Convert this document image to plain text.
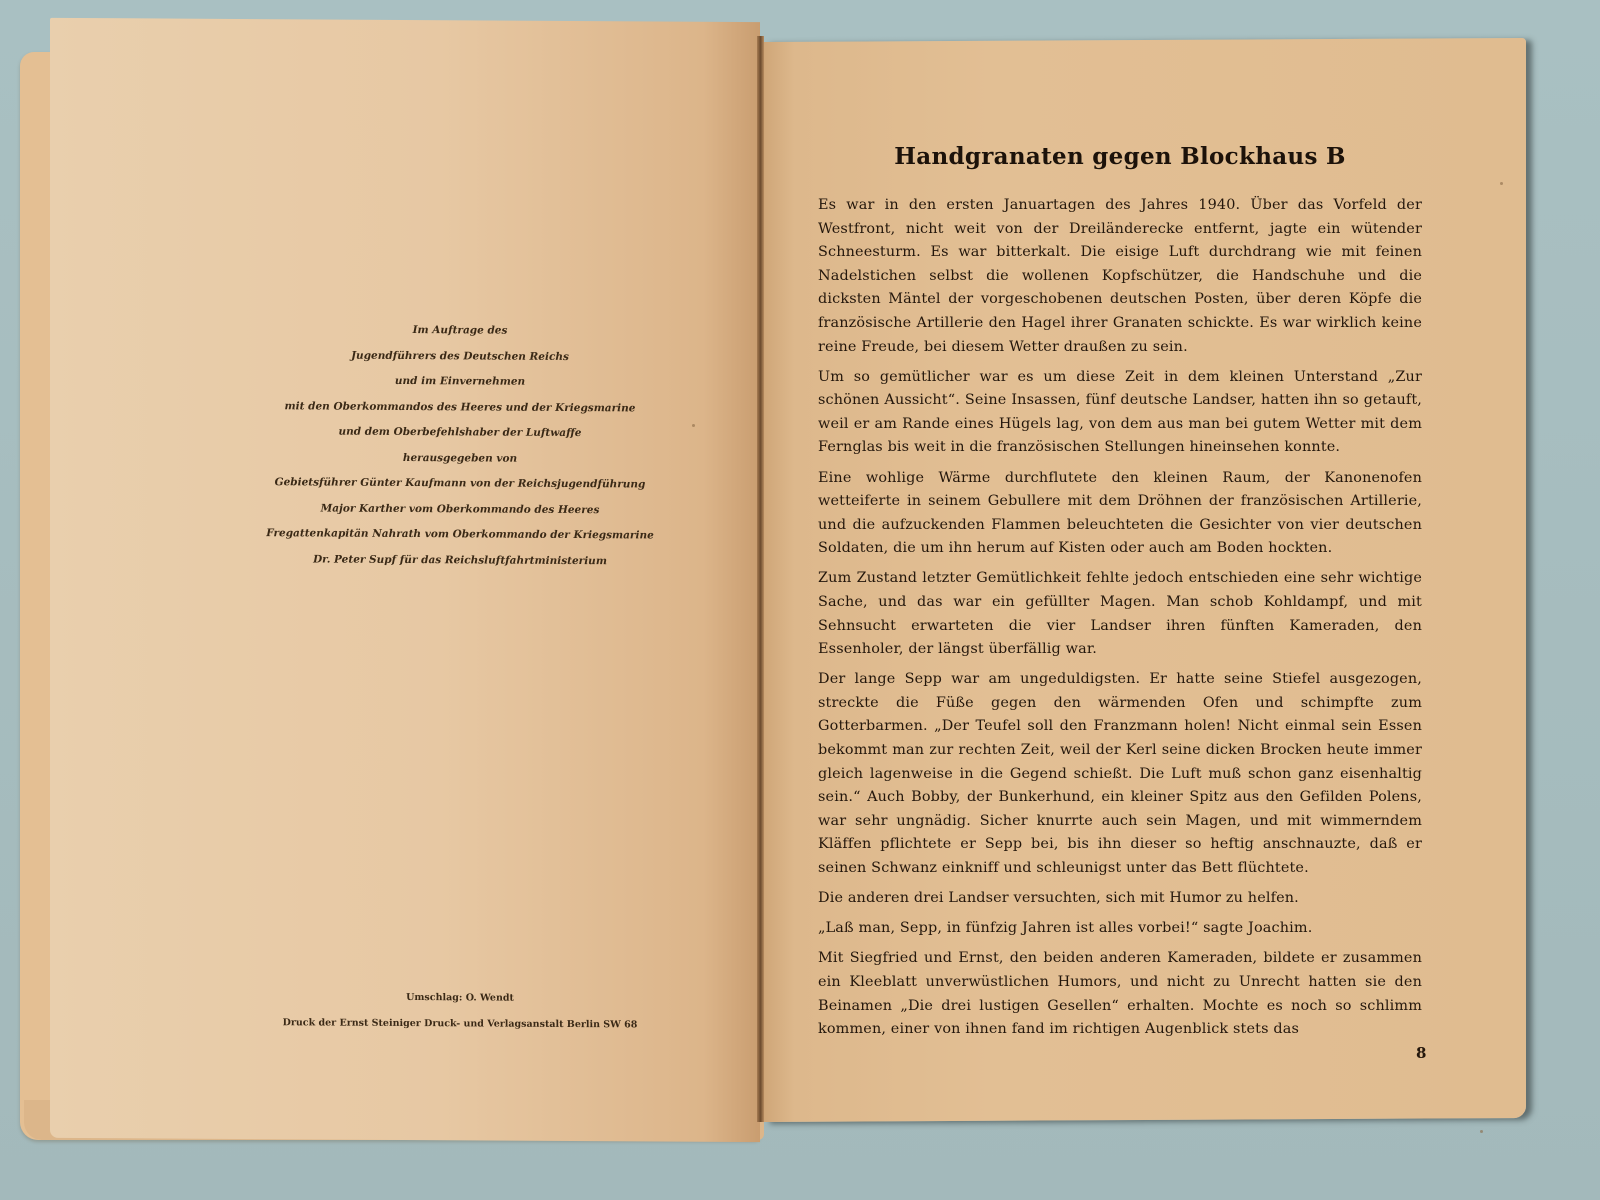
Im Auftrage des
Jugendführers des Deutschen Reichs
und im Einvernehmen
mit den Oberkommandos des Heeres und der Kriegsmarine
und dem Oberbefehlshaber der Luftwaffe
herausgegeben von
Gebietsführer Günter Kaufmann von der Reichsjugendführung
Major Karther vom Oberkommando des Heeres
Fregattenkapitän Nahrath vom Oberkommando der Kriegsmarine
Dr. Peter Supf für das Reichsluftfahrtministerium
Umschlag: O. Wendt
Druck der Ernst Steiniger Druck- und Verlagsanstalt Berlin SW 68
Handgranaten gegen Blockhaus B

Es war in den ersten Januartagen des Jahres 1940. Über das Vorfeld der Westfront, nicht weit von der Dreiländerecke entfernt, jagte ein wütender Schneesturm. Es war bitterkalt. Die eisige Luft durchdrang wie mit feinen Nadelstichen selbst die wollenen Kopfschützer, die Handschuhe und die dicksten Mäntel der vorgeschobenen deutschen Posten, über deren Köpfe die französische Artillerie den Hagel ihrer Granaten schickte. Es war wirklich keine reine Freude, bei diesem Wetter draußen zu sein.

Um so gemütlicher war es um diese Zeit in dem kleinen Unterstand „Zur schönen Aussicht“. Seine Insassen, fünf deutsche Landser, hatten ihn so getauft, weil er am Rande eines Hügels lag, von dem aus man bei gutem Wetter mit dem Fernglas bis weit in die französischen Stellungen hineinsehen konnte.

Eine wohlige Wärme durchflutete den kleinen Raum, der Kanonenofen wetteiferte in seinem Gebullere mit dem Dröhnen der französischen Artillerie, und die aufzuckenden Flammen beleuchteten die Gesichter von vier deutschen Soldaten, die um ihn herum auf Kisten oder auch am Boden hockten.

Zum Zustand letzter Gemütlichkeit fehlte jedoch entschieden eine sehr wichtige Sache, und das war ein gefüllter Magen. Man schob Kohldampf, und mit Sehnsucht erwarteten die vier Landser ihren fünften Kameraden, den Essenholer, der längst überfällig war.

Der lange Sepp war am ungeduldigsten. Er hatte seine Stiefel ausgezogen, streckte die Füße gegen den wärmenden Ofen und schimpfte zum Gotterbarmen. „Der Teufel soll den Franzmann holen! Nicht einmal sein Essen bekommt man zur rechten Zeit, weil der Kerl seine dicken Brocken heute immer gleich lagenweise in die Gegend schießt. Die Luft muß schon ganz eisenhaltig sein.“ Auch Bobby, der Bunkerhund, ein kleiner Spitz aus den Gefilden Polens, war sehr ungnädig. Sicher knurrte auch sein Magen, und mit wimmerndem Kläffen pflichtete er Sepp bei, bis ihn dieser so heftig anschnauzte, daß er seinen Schwanz einkniff und schleunigst unter das Bett flüchtete.

Die anderen drei Landser versuchten, sich mit Humor zu helfen.

„Laß man, Sepp, in fünfzig Jahren ist alles vorbei!“ sagte Joachim.

Mit Siegfried und Ernst, den beiden anderen Kameraden, bildete er zusammen ein Kleeblatt unverwüstlichen Humors, und nicht zu Unrecht hatten sie den Beinamen „Die drei lustigen Gesellen“ erhalten. Mochte es noch so schlimm kommen, einer von ihnen fand im richtigen Augenblick stets das

8
